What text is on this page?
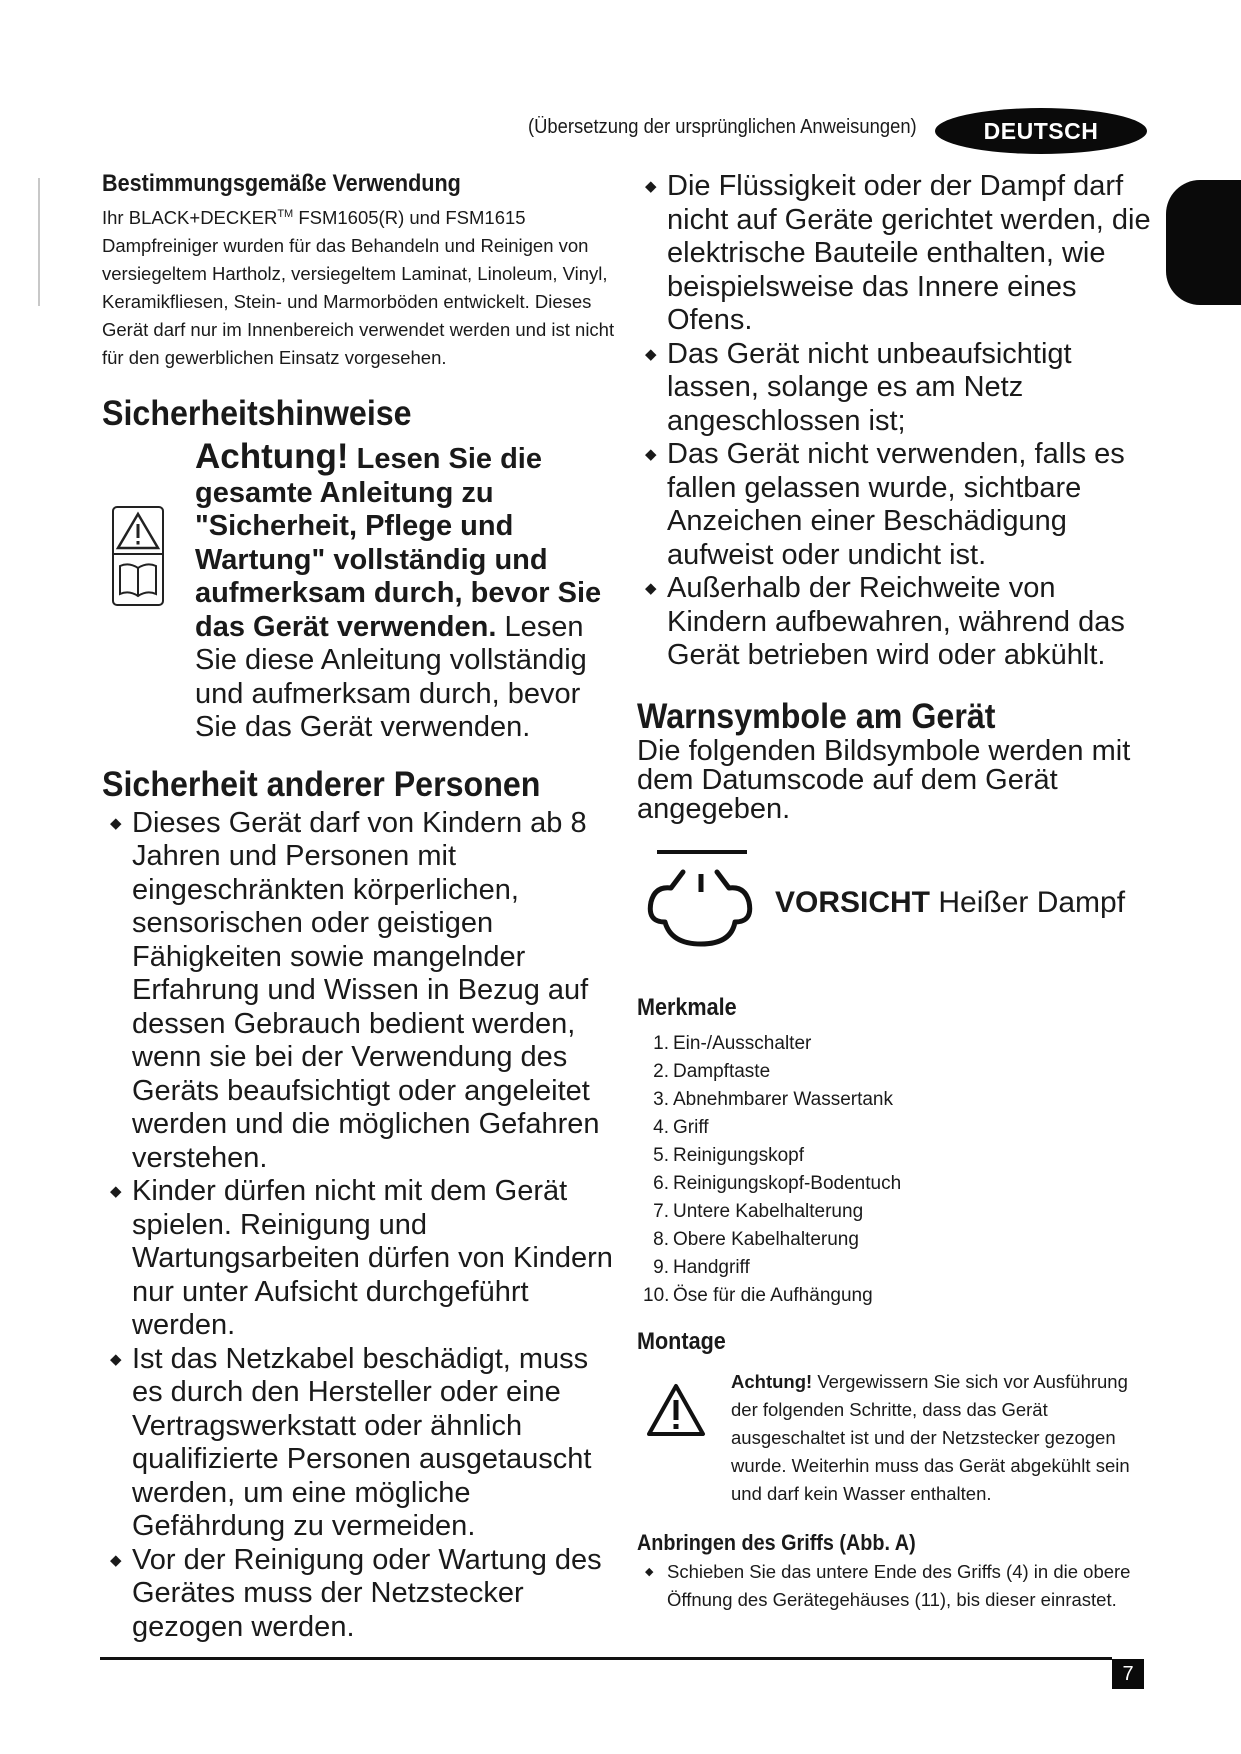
(Übersetzung der ursprünglichen Anweisungen)	DEUTSCH
Bestimmungsgemäße Verwendung

Ihr BLACK+DECKER™ FSM1605(R) und FSM1615 Dampfreiniger wurden für das Behandeln und Reinigen von versiegeltem Hartholz, versiegeltem Laminat, Linoleum, Vinyl, Keramikfliesen, Stein- und Marmorböden entwickelt. Dieses Gerät darf nur im Innenbereich verwendet werden und ist nicht für den gewerblichen Einsatz vorgesehen.

Sicherheitshinweise
Achtung! Lesen Sie die gesamte Anleitung zu "Sicherheit, Pflege und Wartung" vollständig und aufmerksam durch, bevor Sie das Gerät verwenden. Lesen Sie diese Anleitung vollständig und aufmerksam durch, bevor Sie das Gerät verwenden.
Sicherheit anderer Personen
◆ Dieses Gerät darf von Kindern ab 8 Jahren und Personen mit eingeschränkten körperlichen, sensorischen oder geistigen Fähigkeiten sowie mangelnder Erfahrung und Wissen in Bezug auf dessen Gebrauch bedient werden, wenn sie bei der Verwendung des Geräts beaufsichtigt oder angeleitet werden und die möglichen Gefahren verstehen.
◆ Kinder dürfen nicht mit dem Gerät spielen. Reinigung und Wartungsarbeiten dürfen von Kindern nur unter Aufsicht durchgeführt werden.
◆ Ist das Netzkabel beschädigt, muss es durch den Hersteller oder eine Vertragswerkstatt oder ähnlich qualifizierte Personen ausgetauscht werden, um eine mögliche Gefährdung zu vermeiden.
◆ Vor der Reinigung oder Wartung des Gerätes muss der Netzstecker gezogen werden.
◆ Die Flüssigkeit oder der Dampf darf nicht auf Geräte gerichtet werden, die elektrische Bauteile enthalten, wie beispielsweise das Innere eines Ofens.
◆ Das Gerät nicht unbeaufsichtigt lassen, solange es am Netz angeschlossen ist;
◆ Das Gerät nicht verwenden, falls es fallen gelassen wurde, sichtbare Anzeichen einer Beschädigung aufweist oder undicht ist.
◆ Außerhalb der Reichweite von Kindern aufbewahren, während das Gerät betrieben wird oder abkühlt.
Warnsymbole am Gerät

Die folgenden Bildsymbole werden mit dem Datumscode auf dem Gerät angegeben.

VORSICHT Heißer Dampf
Merkmale
1. Ein-/Ausschalter
2. Dampftaste
3. Abnehmbarer Wassertank
4. Griff
5. Reinigungskopf
6. Reinigungskopf-Bodentuch
7. Untere Kabelhalterung
8. Obere Kabelhalterung
9. Handgriff
10. Öse für die Aufhängung
Montage
Achtung! Vergewissern Sie sich vor Ausführung der folgenden Schritte, dass das Gerät ausgeschaltet ist und der Netzstecker gezogen wurde. Weiterhin muss das Gerät abgekühlt sein und darf kein Wasser enthalten.
Anbringen des Griffs (Abb. A)
◆ Schieben Sie das untere Ende des Griffs (4) in die obere Öffnung des Gerätegehäuses (11), bis dieser einrastet.
7
